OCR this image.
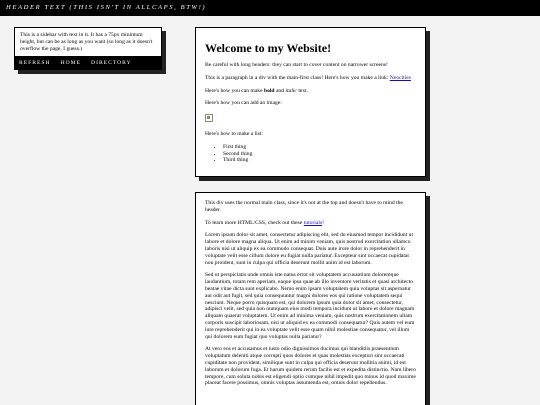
HEADER TEXT (THIS ISN'T IN ALLCAPS, BTW!)
This is a sidebar with text in it. It has a 75px minimum height, but can be as long as you want (so long as it doesn't overflow the page, I guess.)
REFRESH HOME DIRECTORY
Welcome to my Website!

Be careful with long headers: they can start to cover content on narrower screens!

This is a paragraph in a div with the main-first class! Here's how you make a link: Neocities

Here's how you can make bold and italic text.

Here's how you can add an image:

Here's how to make a list:

• First thing
• Second thing
• Third thing

This div uses the normal main class, since it's not at the top and doesn't have to mind the header.

To learn more HTML/CSS, check out these tutorials!

Lorem ipsum dolor sit amet, consectetur adipiscing elit, sed do eiusmod tempor incididunt ut labore et dolore magna aliqua. Ut enim ad minim veniam, quis nostrud exercitation ullamco laboris nisi ut aliquip ex ea commodo consequat. Duis aute irure dolor in reprehenderit in voluptate velit esse cillum dolore eu fugiat nulla pariatur. Excepteur sint occaecat cupidatat non proident, sunt in culpa qui officia deserunt mollit anim id est laborum.

Sed ut perspiciatis unde omnis iste natus error sit voluptatem accusantium doloremque laudantium, totam rem aperiam, eaque ipsa quae ab illo inventore veritatis et quasi architecto beatae vitae dicta sunt explicabo. Nemo enim ipsam voluptatem quia voluptas sit aspernatur aut odit aut fugit, sed quia consequuntur magni dolores eos qui ratione voluptatem sequi nesciunt. Neque porro quisquam est, qui dolorem ipsum quia dolor sit amet, consectetur, adipisci velit, sed quia non numquam eius modi tempora incidunt ut labore et dolore magnam aliquam quaerat voluptatem. Ut enim ad minima veniam, quis nostrum exercitationem ullam corporis suscipit laboriosam, nisi ut aliquid ex ea commodi consequatur? Quis autem vel eum iure reprehenderit qui in ea voluptate velit esse quam nihil molestiae consequatur, vel illum qui dolorem eum fugiat quo voluptas nulla pariatur?

At vero eos et accusamus et iusto odio dignissimos ducimus qui blanditiis praesentium voluptatum deleniti atque corrupti quos dolores et quas molestias excepturi sint occaecati cupiditate non provident, similique sunt in culpa qui officia deserunt mollitia animi, id est laborum et dolorum fuga. Et harum quidem rerum facilis est et expedita distinctio. Nam libero tempore, cum soluta nobis est eligendi optio cumque nihil impedit quo minus id quod maxime placeat facere possimus, omnis voluptas assumenda est, omnis dolor repellendus.
